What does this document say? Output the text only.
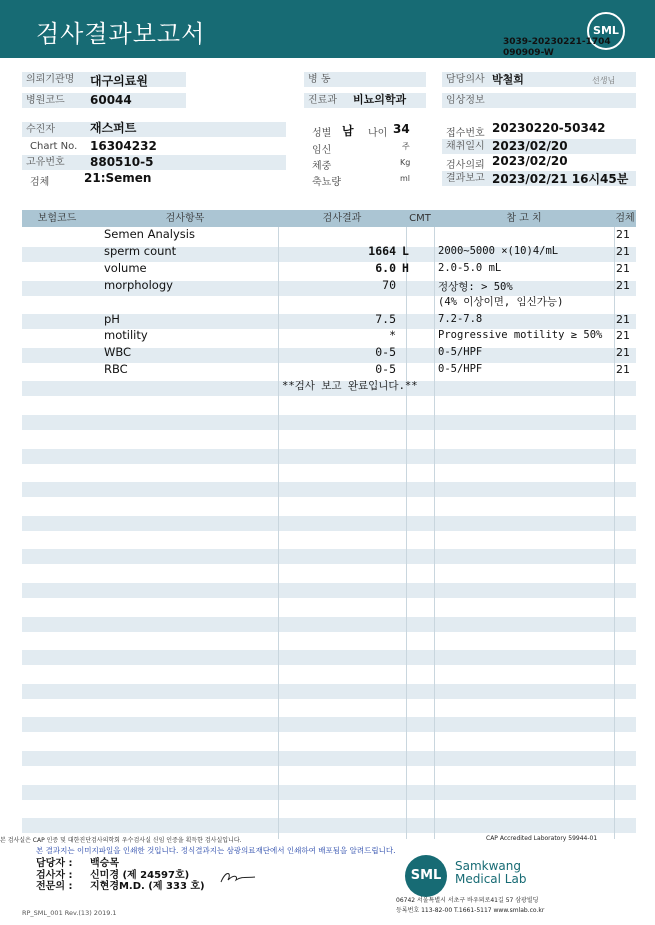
검사결과보고서	SML
3039-20230221-1704
090909-W
의뢰기관명	대구의료원
병원코드	60044
수진자	재스퍼트
Chart No. 16304232
고유번호	880510-5
검체	21:Semen
병 동
진료과	비뇨의학과
성별 남 나이 34
임신	주
체중	Kg
축뇨량	ml
담당의사 박철희	선생님
임상정보
접수번호 20230220-50342
채취일시 2023/02/20
검사의뢰 2023/02/20
결과보고 2023/02/21 16시45분
보험코드	검사항목	검사결과	CMT	참 고 치	검체
Semen Analysis	21
sperm count	1664 L	2000~5000 ×(10)4/mL	21
volume	6.0 H	2.0-5.0 mL	21
morphology	70	정상형: > 50%	21
(4% 이상이면, 임신가능)
pH	7.5	7.2-7.8	21
motility	*	Progressive motility ≥ 50% 21
WBC	0-5	0-5/HPF	21
RBC	0-5	0-5/HPF	21
**검사 보고 완료입니다.**
본 검사실은 CAP 인증 및 대한진단검사의학회 우수검사실 신임 인증을 획득한 검사실입니다.	CAP Accredited Laboratory 59944-01
본 결과지는 이미지파일을 인쇄한 것입니다. 정식결과지는 삼광의료재단에서 인쇄하여 배포됨을 알려드립니다.
담당자 : 백승목
검사자 : 신미경 (제 24597호)
전문의 : 지현경M.D. (제 333 호)
SML
Samkwang
Medical Lab
06742 서울특별시 서초구 바우뫼로41길 57 삼광빌딩
등록번호 113-82-00 T.1661-5117 www.smlab.co.kr
RP_SML_001 Rev.(13) 2019.1
